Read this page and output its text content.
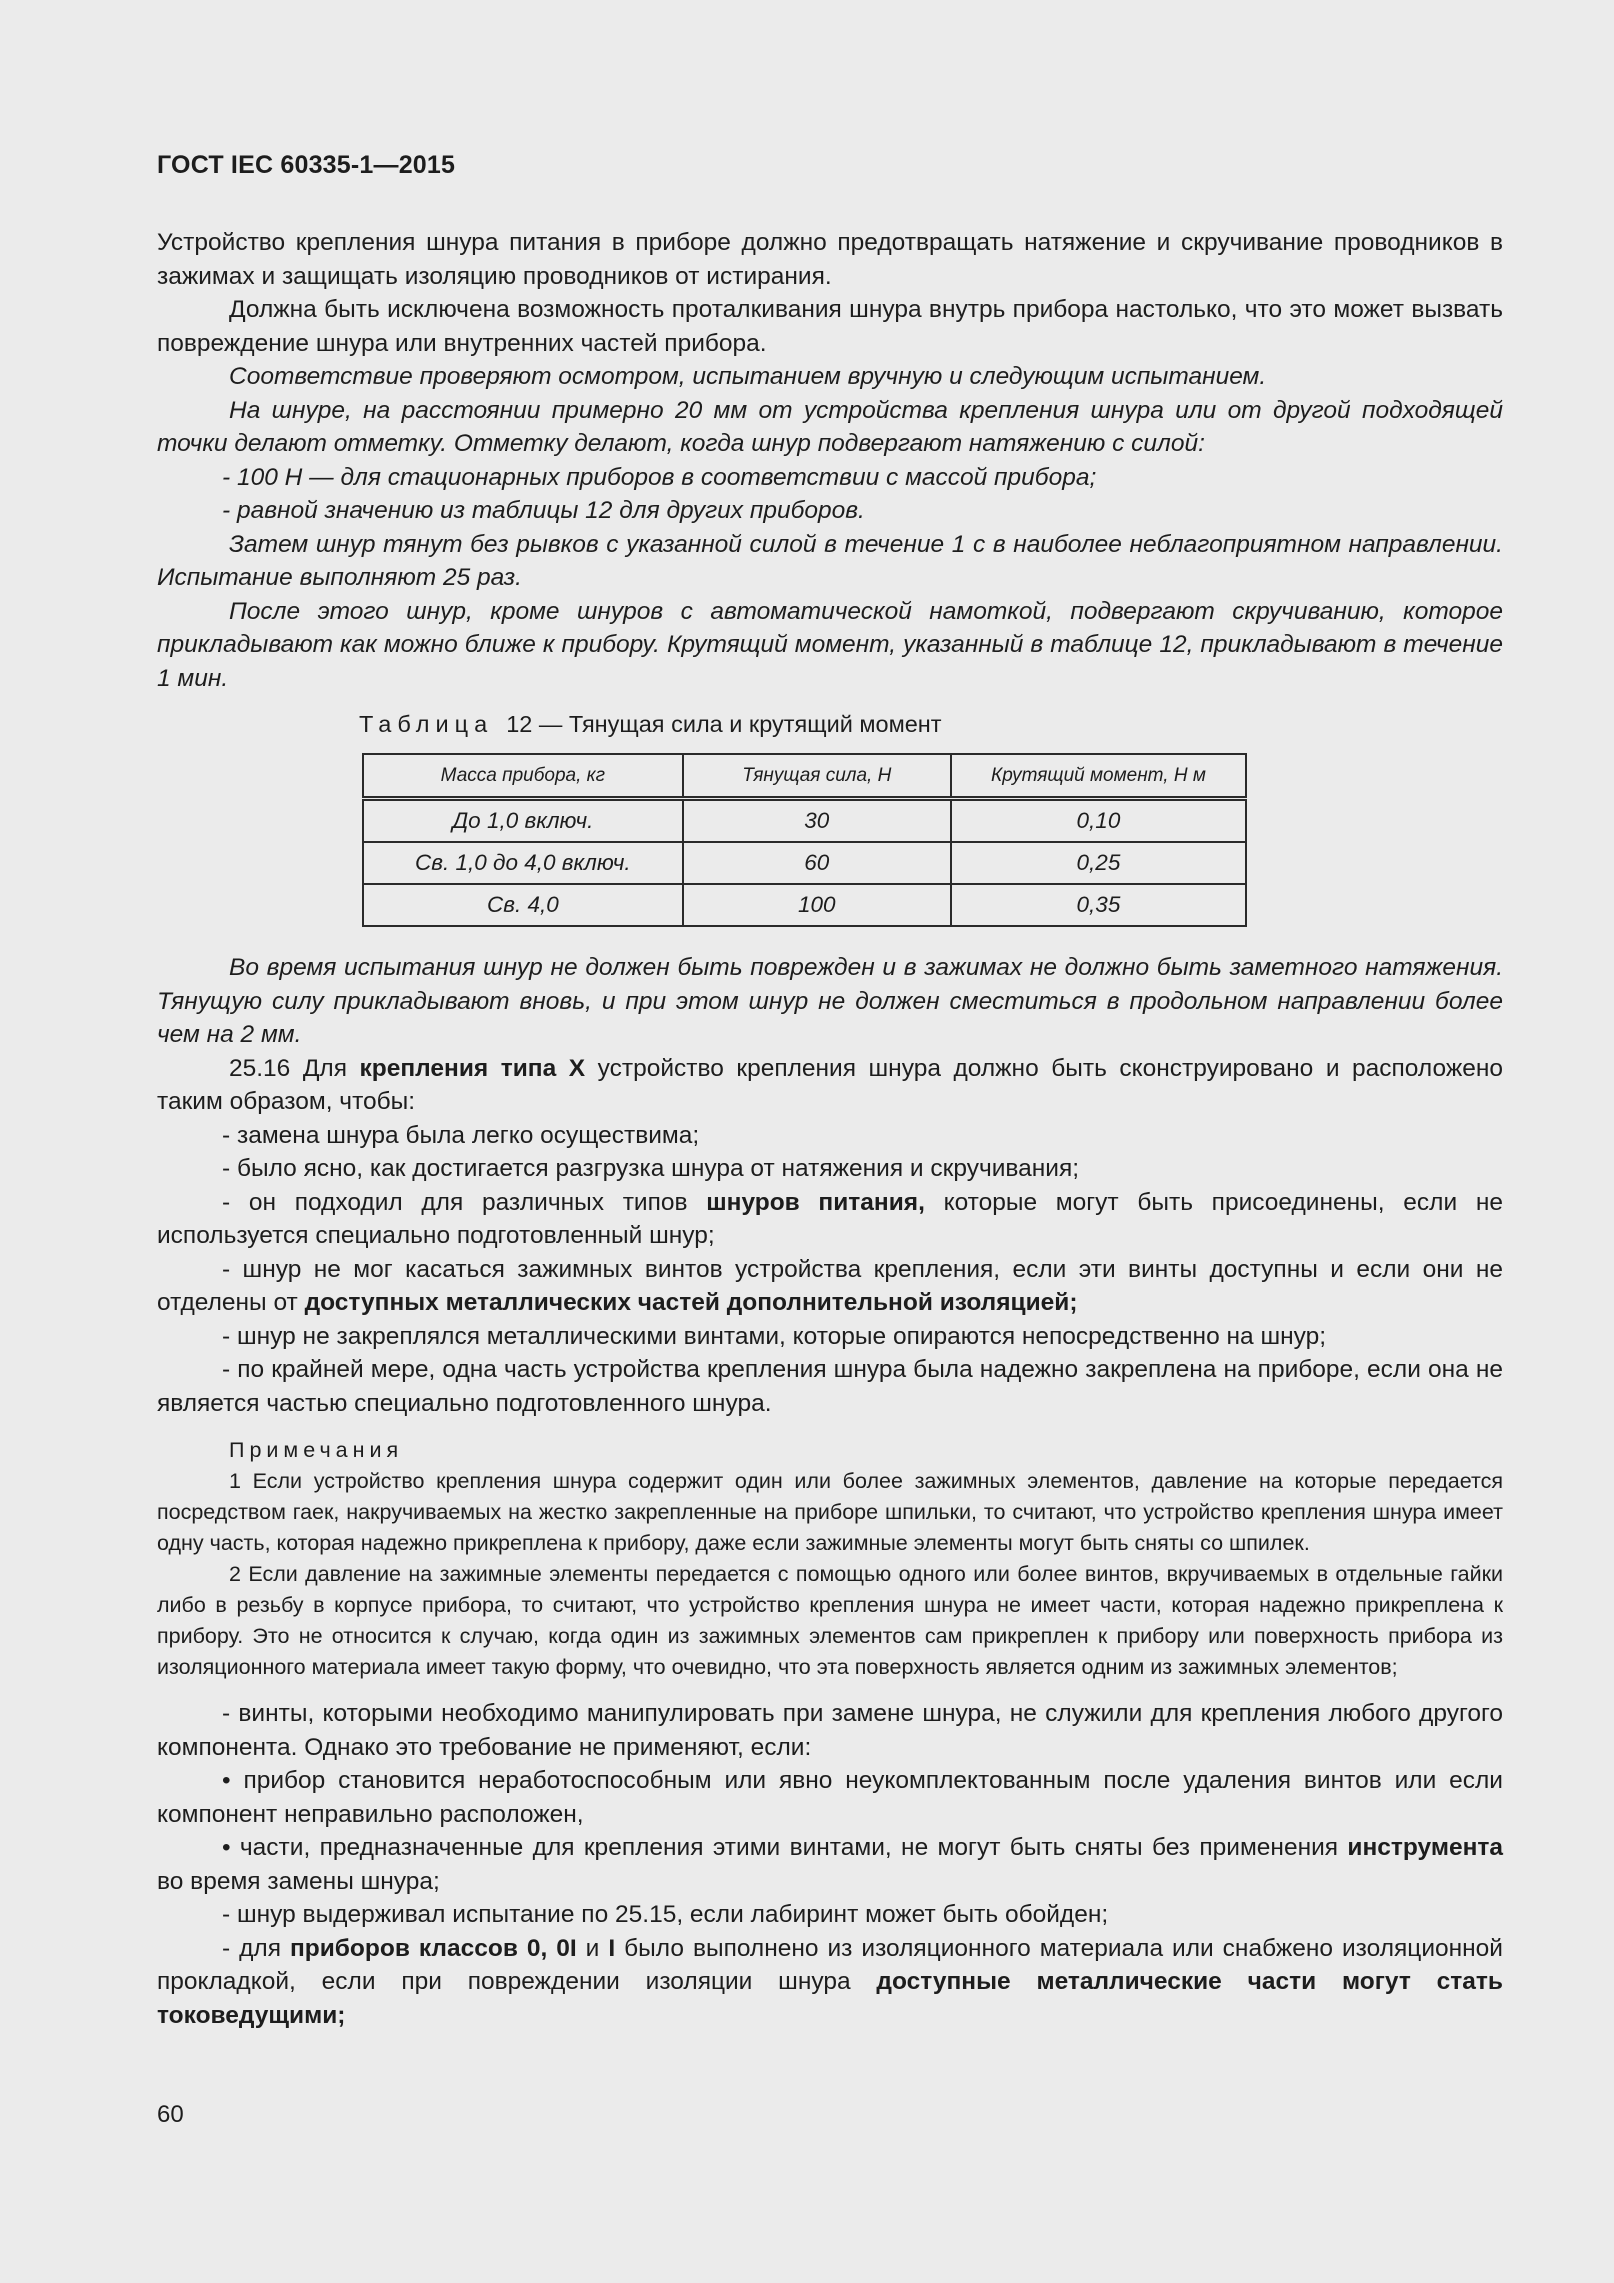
ГОСТ IEC 60335-1—2015

Устройство крепления шнура питания в приборе должно предотвращать натяжение и скручивание проводников в зажимах и защищать изоляцию проводников от истирания.

Должна быть исключена возможность проталкивания шнура внутрь прибора настолько, что это может вызвать повреждение шнура или внутренних частей прибора.

Соответствие проверяют осмотром, испытанием вручную и следующим испытанием.

На шнуре, на расстоянии примерно 20 мм от устройства крепления шнура или от другой подходящей точки делают отметку. Отметку делают, когда шнур подвергают натяжению с силой:

- 100 Н — для стационарных приборов в соответствии с массой прибора;

- равной значению из таблицы 12 для других приборов.

Затем шнур тянут без рывков с указанной силой в течение 1 с в наиболее неблагоприятном направлении. Испытание выполняют 25 раз.

После этого шнур, кроме шнуров с автоматической намоткой, подвергают скручиванию, которое прикладывают как можно ближе к прибору. Крутящий момент, указанный в таблице 12, прикладывают в течение 1 мин.

Таблица 12 — Тянущая сила и крутящий момент
Масса прибора, кг	Тянущая сила, Н	Крутящий момент, Н м
До 1,0 включ.	30	0,10
Св. 1,0 до 4,0 включ.	60	0,25
Св. 4,0	100	0,35

Во время испытания шнур не должен быть поврежден и в зажимах не должно быть заметного натяжения. Тянущую силу прикладывают вновь, и при этом шнур не должен сместиться в продольном направлении более чем на 2 мм.

25.16 Для крепления типа X устройство крепления шнура должно быть сконструировано и расположено таким образом, чтобы:

- замена шнура была легко осуществима;

- было ясно, как достигается разгрузка шнура от натяжения и скручивания;

- он подходил для различных типов шнуров питания, которые могут быть присоединены, если не используется специально подготовленный шнур;

- шнур не мог касаться зажимных винтов устройства крепления, если эти винты доступны и если они не отделены от доступных металлических частей дополнительной изоляцией;

- шнур не закреплялся металлическими винтами, которые опираются непосредственно на шнур;

- по крайней мере, одна часть устройства крепления шнура была надежно закреплена на приборе, если она не является частью специально подготовленного шнура.

Примечания

1 Если устройство крепления шнура содержит один или более зажимных элементов, давление на которые передается посредством гаек, накручиваемых на жестко закрепленные на приборе шпильки, то считают, что устройство крепления шнура имеет одну часть, которая надежно прикреплена к прибору, даже если зажимные элементы могут быть сняты со шпилек.

2 Если давление на зажимные элементы передается с помощью одного или более винтов, вкручиваемых в отдельные гайки либо в резьбу в корпусе прибора, то считают, что устройство крепления шнура не имеет части, которая надежно прикреплена к прибору. Это не относится к случаю, когда один из зажимных элементов сам прикреплен к прибору или поверхность прибора из изоляционного материала имеет такую форму, что очевидно, что эта поверхность является одним из зажимных элементов;

- винты, которыми необходимо манипулировать при замене шнура, не служили для крепления любого другого компонента. Однако это требование не применяют, если:

• прибор становится неработоспособным или явно неукомплектованным после удаления винтов или если компонент неправильно расположен,

• части, предназначенные для крепления этими винтами, не могут быть сняты без применения инструмента во время замены шнура;

- шнур выдерживал испытание по 25.15, если лабиринт может быть обойден;

- для приборов классов 0, 0I и I было выполнено из изоляционного материала или снабжено изоляционной прокладкой, если при повреждении изоляции шнура доступные металлические части могут стать токоведущими;

60
